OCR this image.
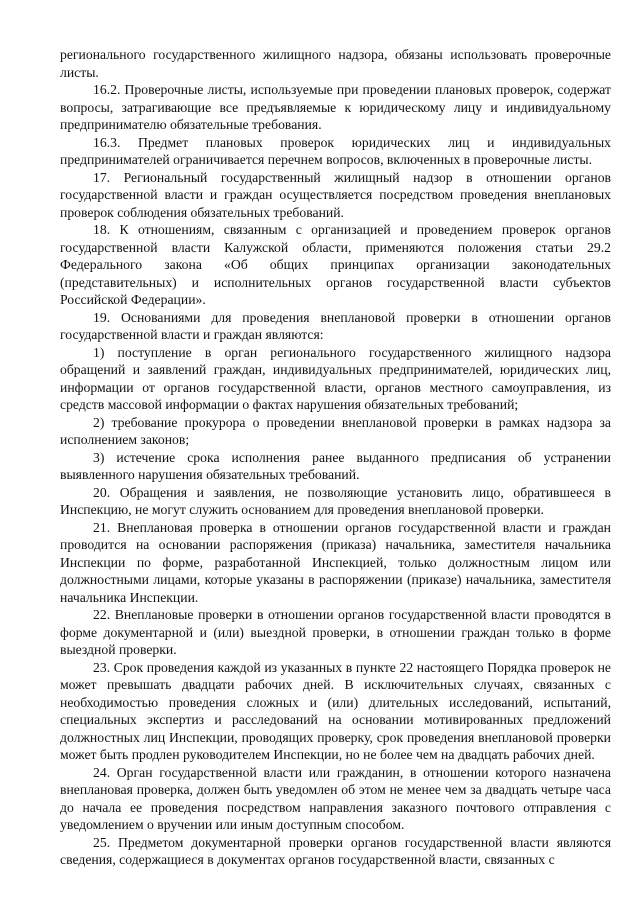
регионального государственного жилищного надзора, обязаны использовать проверочные листы.

16.2. Проверочные листы, используемые при проведении плановых проверок, содержат вопросы, затрагивающие все предъявляемые к юридическому лицу и индивидуальному предпринимателю обязательные требования.

16.3. Предмет плановых проверок юридических лиц и индивидуальных предпринимателей ограничивается перечнем вопросов, включенных в проверочные листы.

17. Региональный государственный жилищный надзор в отношении органов государственной власти и граждан осуществляется посредством проведения внеплановых проверок соблюдения обязательных требований.

18. К отношениям, связанным с организацией и проведением проверок органов государственной власти Калужской области, применяются положения статьи 29.2 Федерального закона «Об общих принципах организации законодательных (представительных) и исполнительных органов государственной власти субъектов Российской Федерации».

19. Основаниями для проведения внеплановой проверки в отношении органов государственной власти и граждан являются:

1) поступление в орган регионального государственного жилищного надзора обращений и заявлений граждан, индивидуальных предпринимателей, юридических лиц, информации от органов государственной власти, органов местного самоуправления, из средств массовой информации о фактах нарушения обязательных требований;

2) требование прокурора о проведении внеплановой проверки в рамках надзора за исполнением законов;

3) истечение срока исполнения ранее выданного предписания об устранении выявленного нарушения обязательных требований.

20. Обращения и заявления, не позволяющие установить лицо, обратившееся в Инспекцию, не могут служить основанием для проведения внеплановой проверки.

21. Внеплановая проверка в отношении органов государственной власти и граждан проводится на основании распоряжения (приказа) начальника, заместителя начальника Инспекции по форме, разработанной Инспекцией, только должностным лицом или должностными лицами, которые указаны в распоряжении (приказе) начальника, заместителя начальника Инспекции.

22. Внеплановые проверки в отношении органов государственной власти проводятся в форме документарной и (или) выездной проверки, в отношении граждан только в форме выездной проверки.

23. Срок проведения каждой из указанных в пункте 22 настоящего Порядка проверок не может превышать двадцати рабочих дней. В исключительных случаях, связанных с необходимостью проведения сложных и (или) длительных исследований, испытаний, специальных экспертиз и расследований на основании мотивированных предложений должностных лиц Инспекции, проводящих проверку, срок проведения внеплановой проверки может быть продлен руководителем Инспекции, но не более чем на двадцать рабочих дней.

24. Орган государственной власти или гражданин, в отношении которого назначена внеплановая проверка, должен быть уведомлен об этом не менее чем за двадцать четыре часа до начала ее проведения посредством направления заказного почтового отправления с уведомлением о вручении или иным доступным способом.

25. Предметом документарной проверки органов государственной власти являются сведения, содержащиеся в документах органов государственной власти, связанных с
